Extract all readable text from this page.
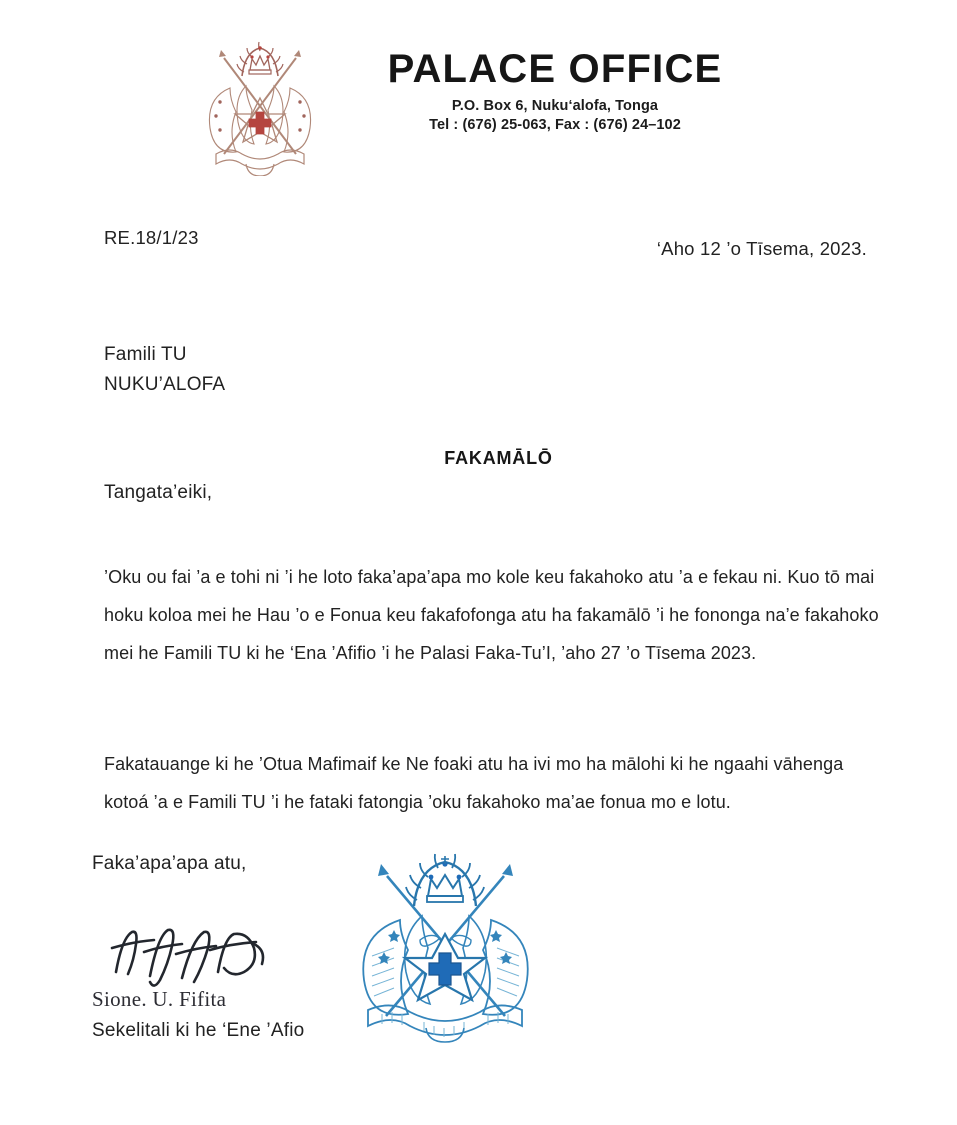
PALACE OFFICE
P.O. Box 6, Nuku‘alofa, Tonga
Tel : (676) 25-063, Fax : (676) 24–102
RE.18/1/23
‘Aho 12 ’o Tīsema, 2023.
Famili TU
NUKU’ALOFA
FAKAMĀLŌ
Tangata’eiki,
’Oku ou fai ’a e tohi ni ’i he loto faka’apa’apa mo kole keu fakahoko atu ’a e fekau ni. Kuo tō mai hoku koloa mei he Hau ’o e Fonua keu fakafofonga atu ha fakamālō ’i he fononga na’e fakahoko mei he Famili TU ki he ‘Ena ’Afifio ’i he Palasi Faka-Tu’I, ’aho 27 ’o Tīsema 2023.
Fakatauange ki he ’Otua Mafimaif ke Ne foaki atu ha ivi mo ha mālohi ki he ngaahi vāhenga kotoá ’a e Famili TU ’i he fataki fatongia ’oku fakahoko ma’ae fonua mo e lotu.
Faka’apa’apa atu,
Sione. U. Fifita
Sekelitali ki he ‘Ene ’Afio
